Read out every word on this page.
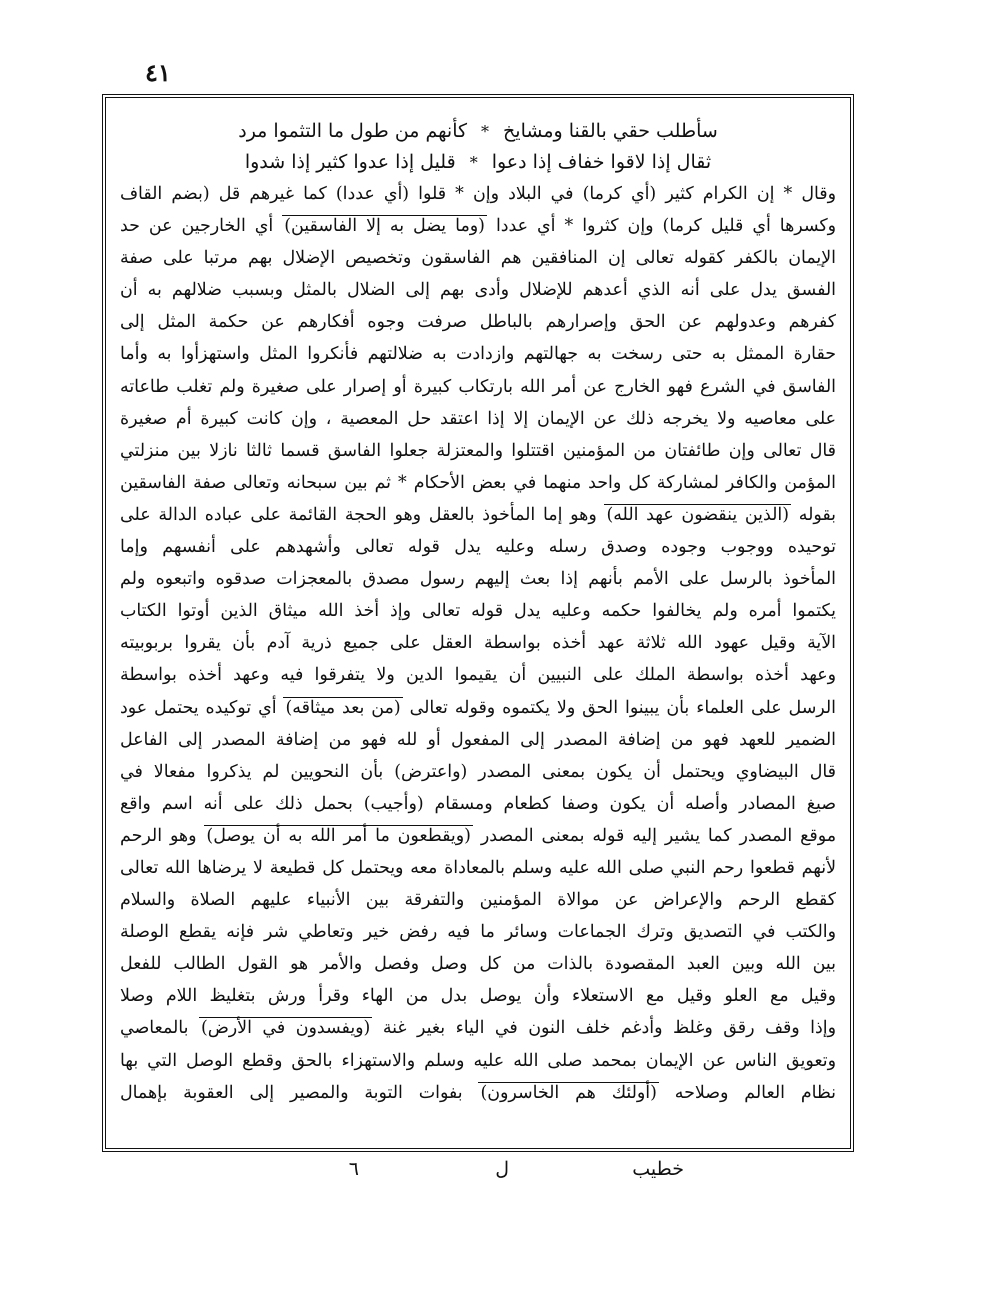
٤١
سأطلب حقي بالقنا ومشايخ
*
كأنهم من طول ما التثموا مرد
ثقال إذا لاقوا خفاف إذا دعوا
*
قليل إذا عدوا كثير إذا شدوا
وقال * إن الكرام كثير (أي كرما) في البلاد وإن * قلوا (أي عددا) كما غيرهم قل (بضم القاف
وكسرها أي قليل كرما) وإن كثروا * أي عددا (وما يضل به إلا الفاسقين) أي الخارجين عن حد
الإيمان بالكفر كقوله تعالى إن المنافقين هم الفاسقون وتخصيص الإضلال بهم مرتبا على صفة
الفسق يدل على أنه الذي أعدهم للإضلال وأدى بهم إلى الضلال بالمثل وبسبب ضلالهم به أن
كفرهم وعدولهم عن الحق وإصرارهم بالباطل صرفت وجوه أفكارهم عن حكمة المثل إلى
حقارة الممثل به حتى رسخت به جهالتهم وازدادت به ضلالتهم فأنكروا المثل واستهزأوا به وأما
الفاسق في الشرع فهو الخارج عن أمر الله بارتكاب كبيرة أو إصرار على صغيرة ولم تغلب طاعاته
على معاصيه ولا يخرجه ذلك عن الإيمان إلا إذا اعتقد حل المعصية ، وإن كانت كبيرة أم صغيرة
قال تعالى وإن طائفتان من المؤمنين اقتتلوا والمعتزلة جعلوا الفاسق قسما ثالثا نازلا بين منزلتي
المؤمن والكافر لمشاركة كل واحد منهما في بعض الأحكام * ثم بين سبحانه وتعالى صفة الفاسقين
بقوله (الذين ينقضون عهد الله) وهو إما المأخوذ بالعقل وهو الحجة القائمة على عباده الدالة على
توحيده ووجوب وجوده وصدق رسله وعليه يدل قوله تعالى وأشهدهم على أنفسهم وإما
المأخوذ بالرسل على الأمم بأنهم إذا بعث إليهم رسول مصدق بالمعجزات صدقوه واتبعوه ولم
يكتموا أمره ولم يخالفوا حكمه وعليه يدل قوله تعالى وإذ أخذ الله ميثاق الذين أوتوا الكتاب
الآية وقيل عهود الله ثلاثة عهد أخذه بواسطة العقل على جميع ذرية آدم بأن يقروا بربوبيته
وعهد أخذه بواسطة الملك على النبيين أن يقيموا الدين ولا يتفرقوا فيه وعهد أخذه بواسطة
الرسل على العلماء بأن يبينوا الحق ولا يكتموه وقوله تعالى (من بعد ميثاقه) أي توكيده يحتمل عود
الضمير للعهد فهو من إضافة المصدر إلى المفعول أو لله فهو من إضافة المصدر إلى الفاعل
قال البيضاوي ويحتمل أن يكون بمعنى المصدر (واعترض) بأن النحويين لم يذكروا مفعالا في
صيغ المصادر وأصله أن يكون وصفا كطعام ومسقام (وأجيب) بحمل ذلك على أنه اسم واقع
موقع المصدر كما يشير إليه قوله بمعنى المصدر (ويقطعون ما أمر الله به أن يوصل) وهو الرحم
لأنهم قطعوا رحم النبي صلى الله عليه وسلم بالمعاداة معه ويحتمل كل قطيعة لا يرضاها الله تعالى
كقطع الرحم والإعراض عن موالاة المؤمنين والتفرقة بين الأنبياء عليهم الصلاة والسلام
والكتب في التصديق وترك الجماعات وسائر ما فيه رفض خير وتعاطي شر فإنه يقطع الوصلة
بين الله وبين العبد المقصودة بالذات من كل وصل وفصل والأمر هو القول الطالب للفعل
وقيل مع العلو وقيل مع الاستعلاء وأن يوصل بدل من الهاء وقرأ ورش بتغليظ اللام وصلا
وإذا وقف رقق وغلظ وأدغم خلف النون في الياء بغير غنة (ويفسدون في الأرض) بالمعاصي
وتعويق الناس عن الإيمان بمحمد صلى الله عليه وسلم والاستهزاء بالحق وقطع الوصل التي بها
نظام العالم وصلاحه (أولئك هم الخاسرون) بفوات التوبة والمصير إلى العقوبة بإهمال
خطيب
ل
٦
